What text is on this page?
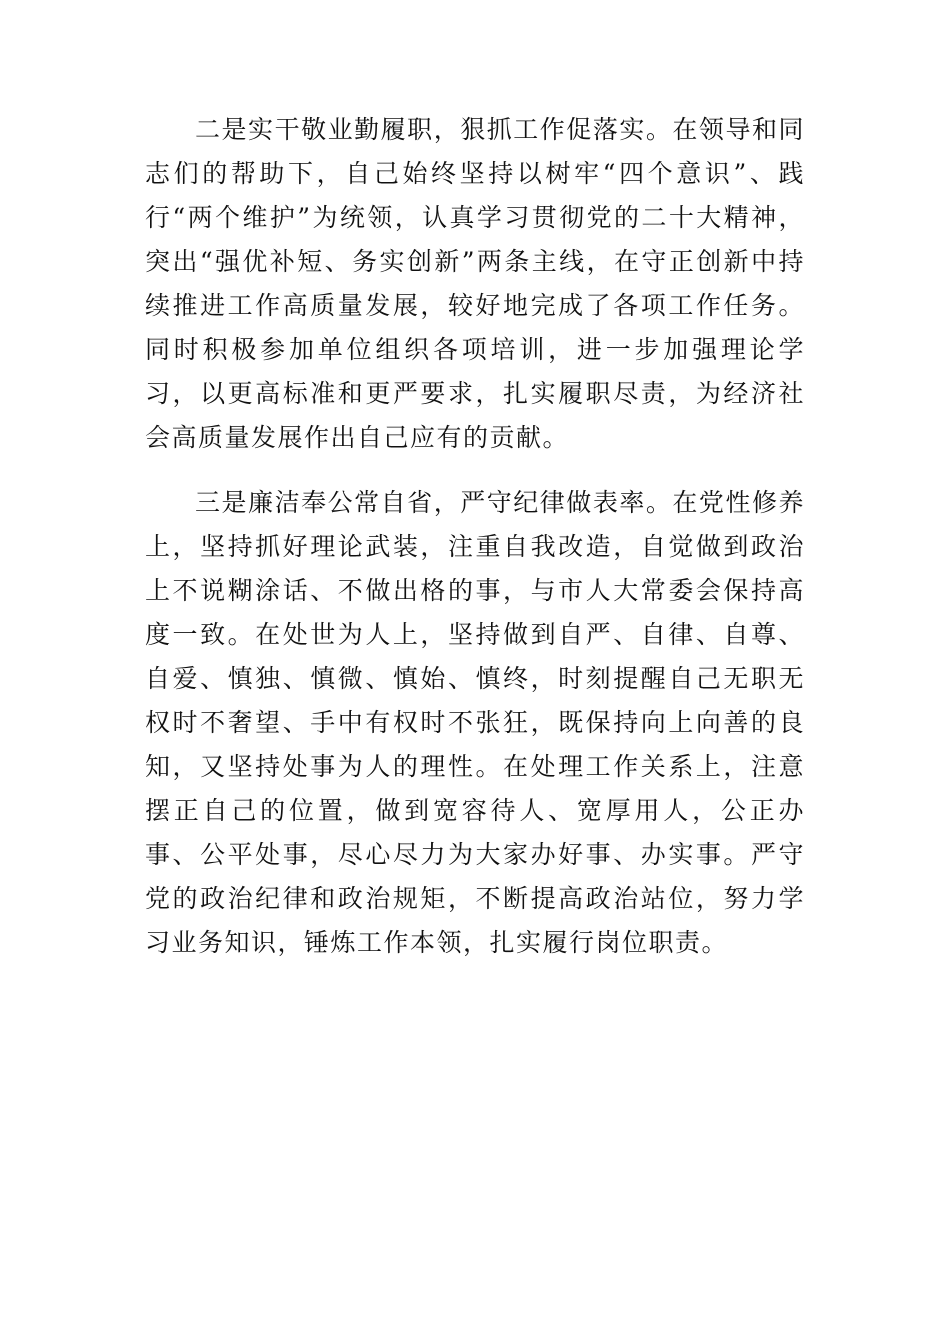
二是实干敬业勤履职，狠抓工作促落实。在领导和同志们的帮助下，自己始终坚持以树牢“四个意识”、践行“两个维护”为统领，认真学习贯彻党的二十大精神，突出“强优补短、务实创新”两条主线，在守正创新中持续推进工作高质量发展，较好地完成了各项工作任务。同时积极参加单位组织各项培训，进一步加强理论学习，以更高标准和更严要求，扎实履职尽责，为经济社会高质量发展作出自己应有的贡献。

三是廉洁奉公常自省，严守纪律做表率。在党性修养上，坚持抓好理论武装，注重自我改造，自觉做到政治上不说糊涂话、不做出格的事，与市人大常委会保持高度一致。在处世为人上，坚持做到自严、自律、自尊、自爱、慎独、慎微、慎始、慎终，时刻提醒自己无职无权时不奢望、手中有权时不张狂，既保持向上向善的良知，又坚持处事为人的理性。在处理工作关系上，注意摆正自己的位置，做到宽容待人、宽厚用人，公正办事、公平处事，尽心尽力为大家办好事、办实事。严守党的政治纪律和政治规矩，不断提高政治站位，努力学习业务知识，锤炼工作本领，扎实履行岗位职责。
